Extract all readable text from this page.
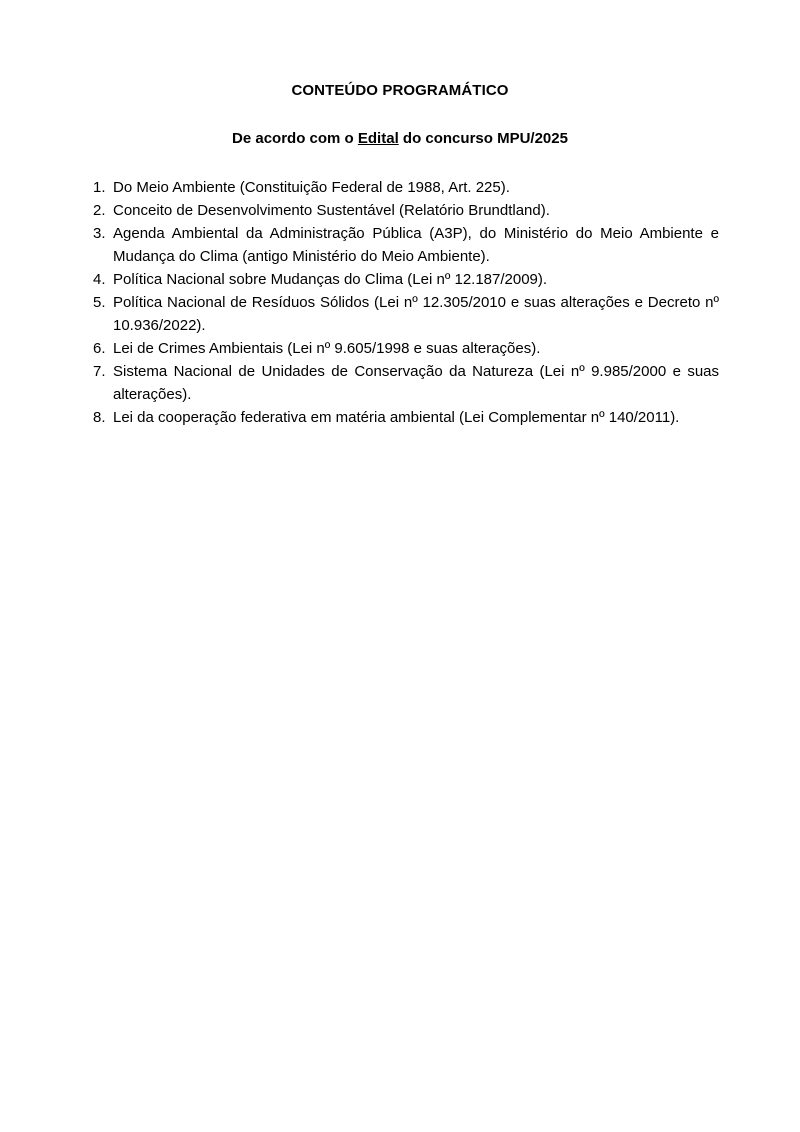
CONTEÚDO PROGRAMÁTICO
De acordo com o Edital do concurso MPU/2025
1. Do Meio Ambiente (Constituição Federal de 1988, Art. 225).
2. Conceito de Desenvolvimento Sustentável (Relatório Brundtland).
3. Agenda Ambiental da Administração Pública (A3P), do Ministério do Meio Ambiente e Mudança do Clima (antigo Ministério do Meio Ambiente).
4. Política Nacional sobre Mudanças do Clima (Lei nº 12.187/2009).
5. Política Nacional de Resíduos Sólidos (Lei nº 12.305/2010 e suas alterações e Decreto nº 10.936/2022).
6. Lei de Crimes Ambientais (Lei nº 9.605/1998 e suas alterações).
7. Sistema Nacional de Unidades de Conservação da Natureza (Lei nº 9.985/2000 e suas alterações).
8. Lei da cooperação federativa em matéria ambiental (Lei Complementar nº 140/2011).
